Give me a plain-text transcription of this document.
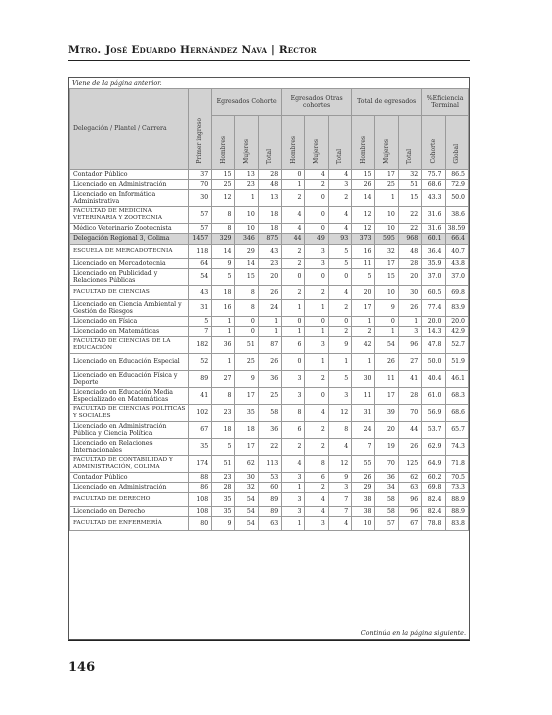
Mtro. José Eduardo Hernández Nava | Rector
Viene de la página anterior.
Delegación / Plantel / Carrera	Primer ingreso	Egresados Cohorte			Egresados Otras cohortes			Total de egresados			%Eficiencia Terminal	
		Hombres	Mujeres	Total	Hombres	Mujeres	Total	Hombres	Mujeres	Total	Cohorte	Global
Contador Público	37	15	13	28	0	4	4	15	17	32	75.7	86.5
Licenciado en Administración	70	25	23	48	1	2	3	26	25	51	68.6	72.9
Licenciado en Informática Administrativa	30	12	1	13	2	0	2	14	1	15	43.3	50.0
FACULTAD DE MEDICINA VETERINARIA Y ZOOTECNIA	57	8	10	18	4	0	4	12	10	22	31.6	38.6
Médico Veterinario Zootecnista	57	8	10	18	4	0	4	12	10	22	31.6	38.59
Delegación Regional 3, Colima	1457	329	346	875	44	49	93	373	595	968	60.1	66.4
ESCUELA DE MERCADOTECNIA	118	14	29	43	2	3	5	16	32	48	36.4	40.7
Licenciado en Mercadotecnia	64	9	14	23	2	3	5	11	17	28	35.9	43.8
Licenciado en Publicidad y Relaciones Públicas	54	5	15	20	0	0	0	5	15	20	37.0	37.0
FACULTAD DE CIENCIAS	43	18	8	26	2	2	4	20	10	30	60.5	69.8
Licenciado en Ciencia Ambiental y Gestión de Riesgos	31	16	8	24	1	1	2	17	9	26	77.4	83.9
Licenciado en Física	5	1	0	1	0	0	0	1	0	1	20.0	20.0
Licenciado en Matemáticas	7	1	0	1	1	1	2	2	1	3	14.3	42.9
FACULTAD DE CIENCIAS DE LA EDUCACIÓN	182	36	51	87	6	3	9	42	54	96	47.8	52.7
Licenciado en Educación Especial	52	1	25	26	0	1	1	1	26	27	50.0	51.9
Licenciado en Educación Física y Deporte	89	27	9	36	3	2	5	30	11	41	40.4	46.1
Licenciado en Educación Media Especializado en Matemáticas	41	8	17	25	3	0	3	11	17	28	61.0	68.3
FACULTAD DE CIENCIAS POLÍTICAS Y SOCIALES	102	23	35	58	8	4	12	31	39	70	56.9	68.6
Licenciado en Administración Pública y Ciencia Política	67	18	18	36	6	2	8	24	20	44	53.7	65.7
Licenciado en Relaciones Internacionales	35	5	17	22	2	2	4	7	19	26	62.9	74.3
FACULTAD DE CONTABILIDAD Y ADMINISTRACIÓN, COLIMA	174	51	62	113	4	8	12	55	70	125	64.9	71.8
Contador Público	88	23	30	53	3	6	9	26	36	62	60.2	70.5
Licenciado en Administración	86	28	32	60	1	2	3	29	34	63	69.8	73.3
FACULTAD DE DERECHO	108	35	54	89	3	4	7	38	58	96	82.4	88.9
Licenciado en Derecho	108	35	54	89	3	4	7	38	58	96	82.4	88.9
FACULTAD DE ENFERMERÍA	80	9	54	63	1	3	4	10	57	67	78.8	83.8
Continúa en la página siguiente.
146
